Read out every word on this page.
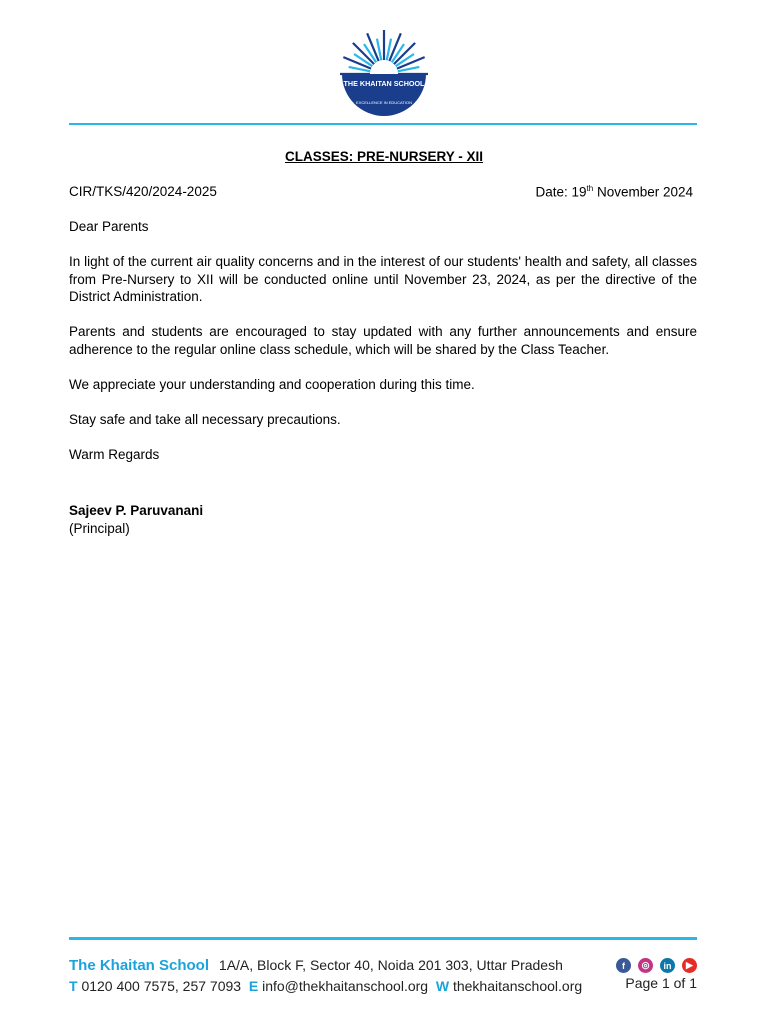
THE KHAITAN SCHOOL
EXCELLENCE IN EDUCATION
CLASSES: PRE-NURSERY - XII
CIR/TKS/420/2024-2025	Date: 19th November 2024

Dear Parents

In light of the current air quality concerns and in the interest of our students' health and safety, all classes from Pre-Nursery to XII will be conducted online until November 23, 2024, as per the directive of the District Administration.

Parents and students are encouraged to stay updated with any further announcements and ensure adherence to the regular online class schedule, which will be shared by the Class Teacher.

We appreciate your understanding and cooperation during this time.

Stay safe and take all necessary precautions.

Warm Regards

Sajeev P. Paruvanani
(Principal)
The Khaitan School 1A/A, Block F, Sector 40, Noida 201 303, Uttar Pradesh
T 0120 400 7575, 257 7093 E info@thekhaitanschool.org W thekhaitanschool.org
f	◎	in	▶
Page 1 of 1
